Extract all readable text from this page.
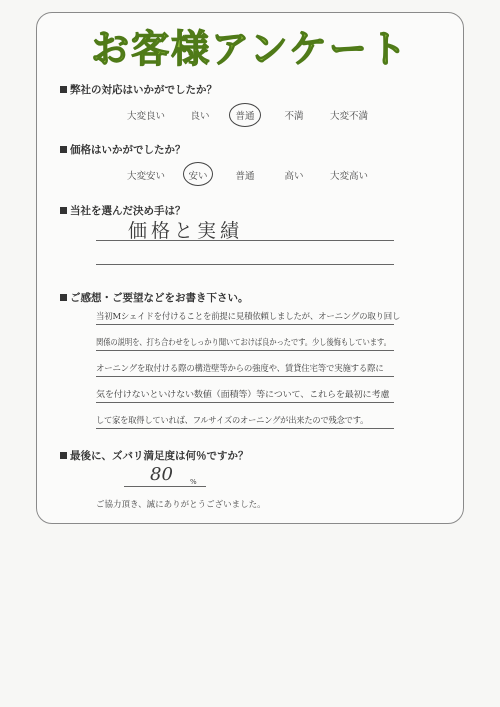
お客様アンケート
弊社の対応はいかがでしたか？
大変良い	良い	普通	不満	大変不満
価格はいかがでしたか？
大変安い 安い	普通	高い	大変高い
当社を選んだ決め手は？
価格と実績
ご感想・ご要望などをお書き下さい。
当初Mシェイドを付けることを前提に見積依頼しましたが、オーニングの取り回し
関係の説明を、打ち合わせをしっかり聞いておけば良かったです。少し後悔もしています。
オーニングを取付ける際の構造壁等からの強度や、賃貸住宅等で実施する際に
気を付けないといけない数値（面積等）等について、これらを最初に考慮
して家を取得していれば、フルサイズのオーニングが出来たので残念です。
最後に、ズバリ満足度は何％ですか？
80 %
ご協力頂き、誠にありがとうございました。
